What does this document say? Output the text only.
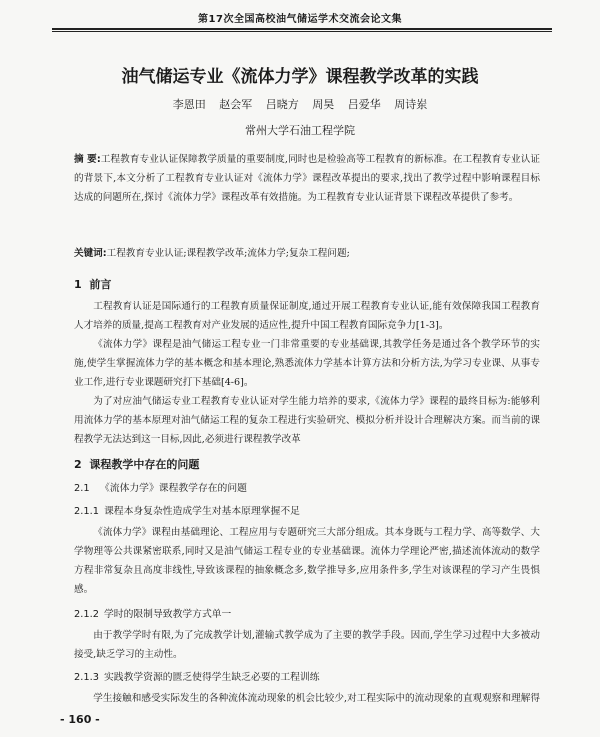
第17次全国高校油气储运学术交流会论文集
油气储运专业《流体力学》课程教学改革的实践
李恩田 赵会军 吕晓方 周昊 吕爱华 周诗岽
常州大学石油工程学院

摘 要:工程教育专业认证保障教学质量的重要制度,同时也是检验高等工程教育的新标准。在工程教育专业认证的背景下,本文分析了工程教育专业认证对《流体力学》课程改革提出的要求,找出了教学过程中影响课程目标达成的问题所在,探讨《流体力学》课程改革有效措施。为工程教育专业认证背景下课程改革提供了参考。

关键词:工程教育专业认证;课程教学改革;流体力学;复杂工程问题;

1 前言

工程教育认证是国际通行的工程教育质量保证制度,通过开展工程教育专业认证,能有效保障我国工程教育人才培养的质量,提高工程教育对产业发展的适应性,提升中国工程教育国际竞争力[1-3]。

《流体力学》课程是油气储运工程专业一门非常重要的专业基础课,其教学任务是通过各个教学环节的实施,使学生掌握流体力学的基本概念和基本理论,熟悉流体力学基本计算方法和分析方法,为学习专业课、从事专业工作,进行专业课题研究打下基础[4-6]。

为了对应油气储运专业工程教育专业认证对学生能力培养的要求,《流体力学》课程的最终目标为:能够利用流体力学的基本原理对油气储运工程的复杂工程进行实验研究、模拟分析并设计合理解决方案。而当前的课程教学无法达到这一目标,因此,必须进行课程教学改革

2 课程教学中存在的问题
2.1 《流体力学》课程教学存在的问题
2.1.1 课程本身复杂性造成学生对基本原理掌握不足

《流体力学》课程由基础理论、工程应用与专题研究三大部分组成。其本身既与工程力学、高等数学、大学物理等公共课紧密联系,同时又是油气储运工程专业的专业基础课。流体力学理论严密,描述流体流动的数学方程非常复杂且高度非线性,导致该课程的抽象概念多,数学推导多,应用条件多,学生对该课程的学习产生畏惧感。

2.1.2 学时的限制导致教学方式单一

由于教学学时有限,为了完成教学计划,灌输式教学成为了主要的教学手段。因而,学生学习过程中大多被动接受,缺乏学习的主动性。

2.1.3 实践教学资源的匮乏使得学生缺乏必要的工程训练

学生接触和感受实际发生的各种流体流动现象的机会比较少,对工程实际中的流动现象的直观观察和理解得

- 160 -
